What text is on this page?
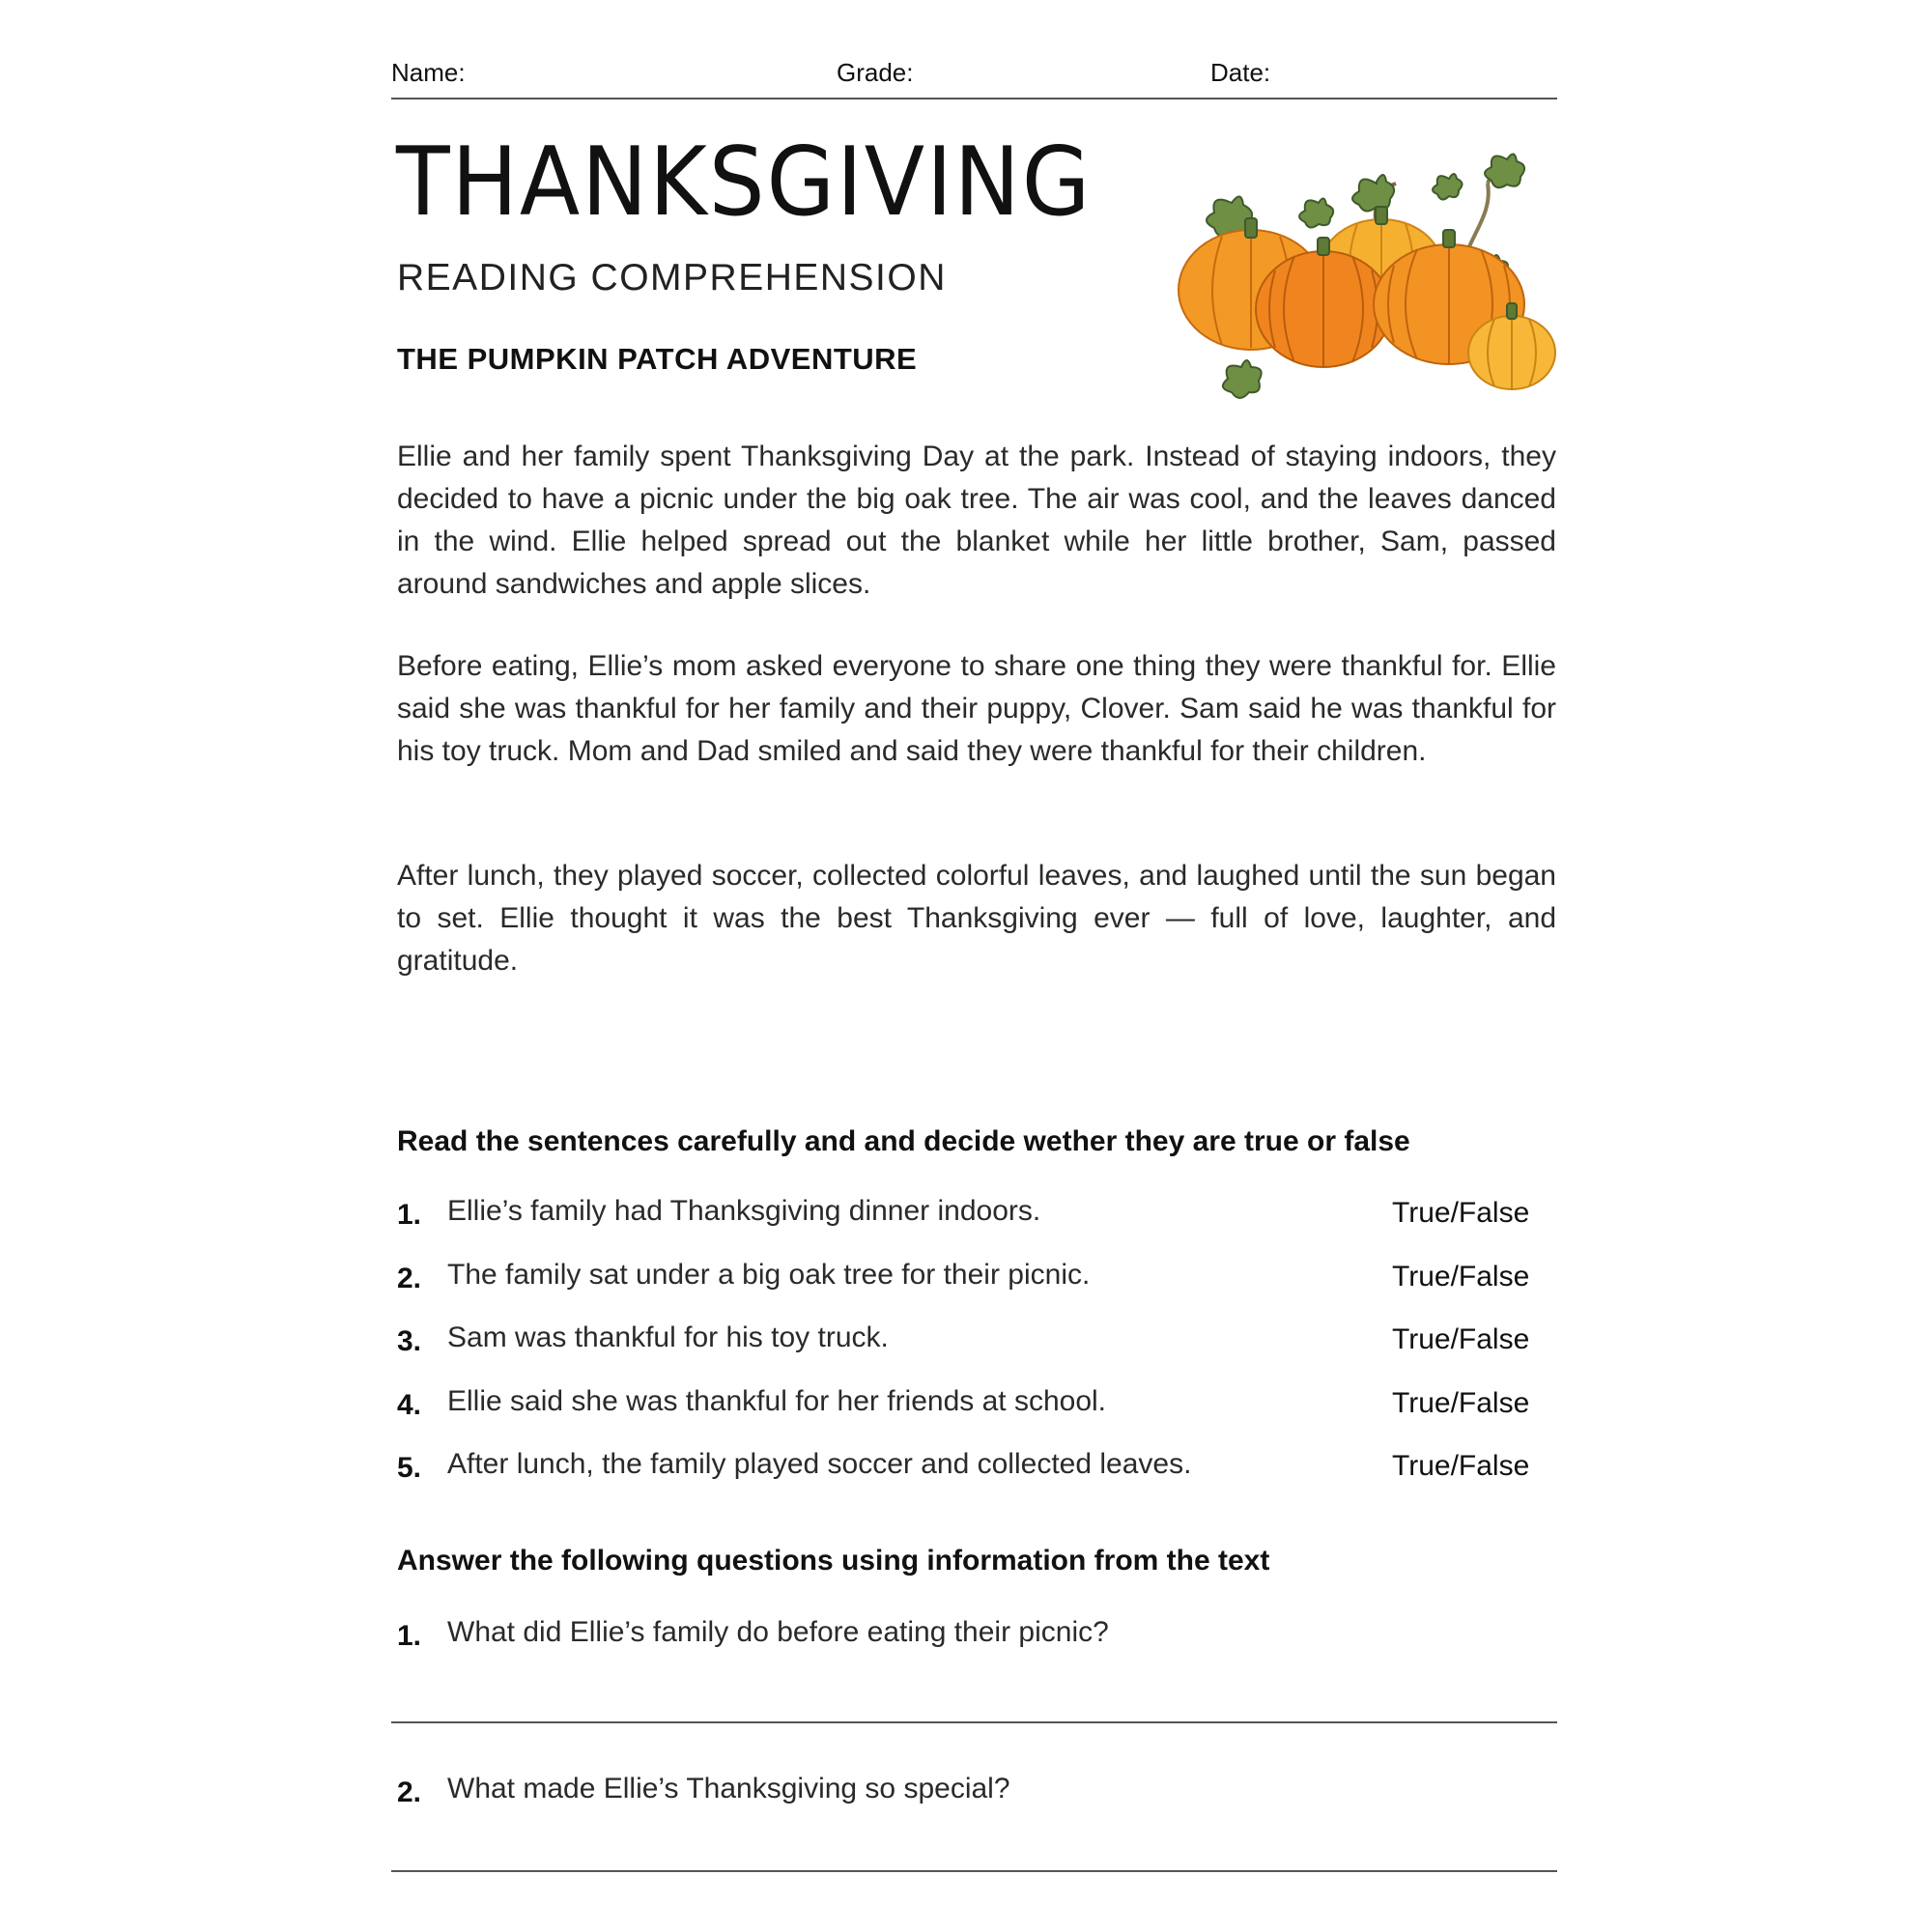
Name:	Grade:	Date:
THANKSGIVING
READING COMPREHENSION
THE PUMPKIN PATCH ADVENTURE
Ellie and her family spent Thanksgiving Day at the park. Instead of staying indoors, they decided to have a picnic under the big oak tree. The air was cool, and the leaves danced in the wind. Ellie helped spread out the blanket while her little brother, Sam, passed around sandwiches and apple slices.
Before eating, Ellie’s mom asked everyone to share one thing they were thankful for. Ellie said she was thankful for her family and their puppy, Clover. Sam said he was thankful for his toy truck. Mom and Dad smiled and said they were thankful for their children.
After lunch, they played soccer, collected colorful leaves, and laughed until the sun began to set. Ellie thought it was the best Thanksgiving ever — full of love, laughter, and gratitude.
Read the sentences carefully and and decide wether they are true or false
1. Ellie’s family had Thanksgiving dinner indoors.	True/False
2. The family sat under a big oak tree for their picnic.	True/False
3. Sam was thankful for his toy truck.	True/False
4. Ellie said she was thankful for her friends at school.	True/False
5. After lunch, the family played soccer and collected leaves.	True/False
Answer the following questions using information from the text
1. What did Ellie’s family do before eating their picnic?
2. What made Ellie’s Thanksgiving so special?
